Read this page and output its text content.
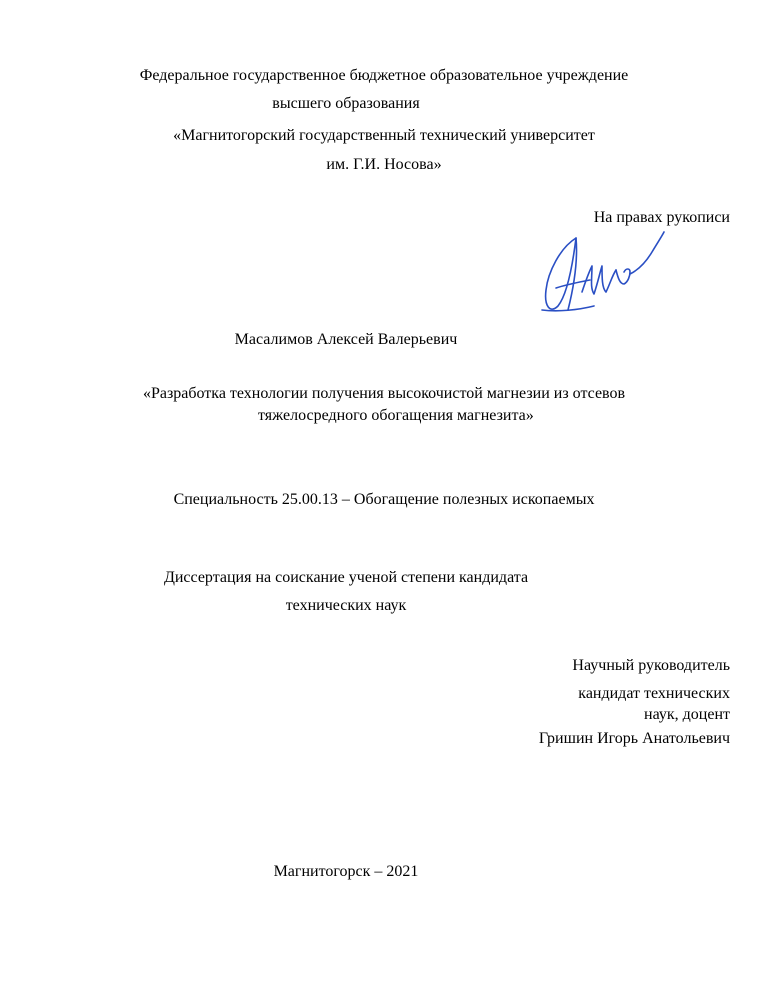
Федеральное государственное бюджетное образовательное учреждение
высшего образования
«Магнитогорский государственный технический университет
им. Г.И. Носова»
На правах рукописи
Масалимов Алексей Валерьевич
«Разработка технологии получения высокочистой магнезии из отсевов
тяжелосредного обогащения магнезита»
Специальность 25.00.13 – Обогащение полезных ископаемых
Диссертация на соискание ученой степени кандидата
технических наук
Научный руководитель
кандидат технических
наук, доцент
Гришин Игорь Анатольевич
Магнитогорск – 2021
